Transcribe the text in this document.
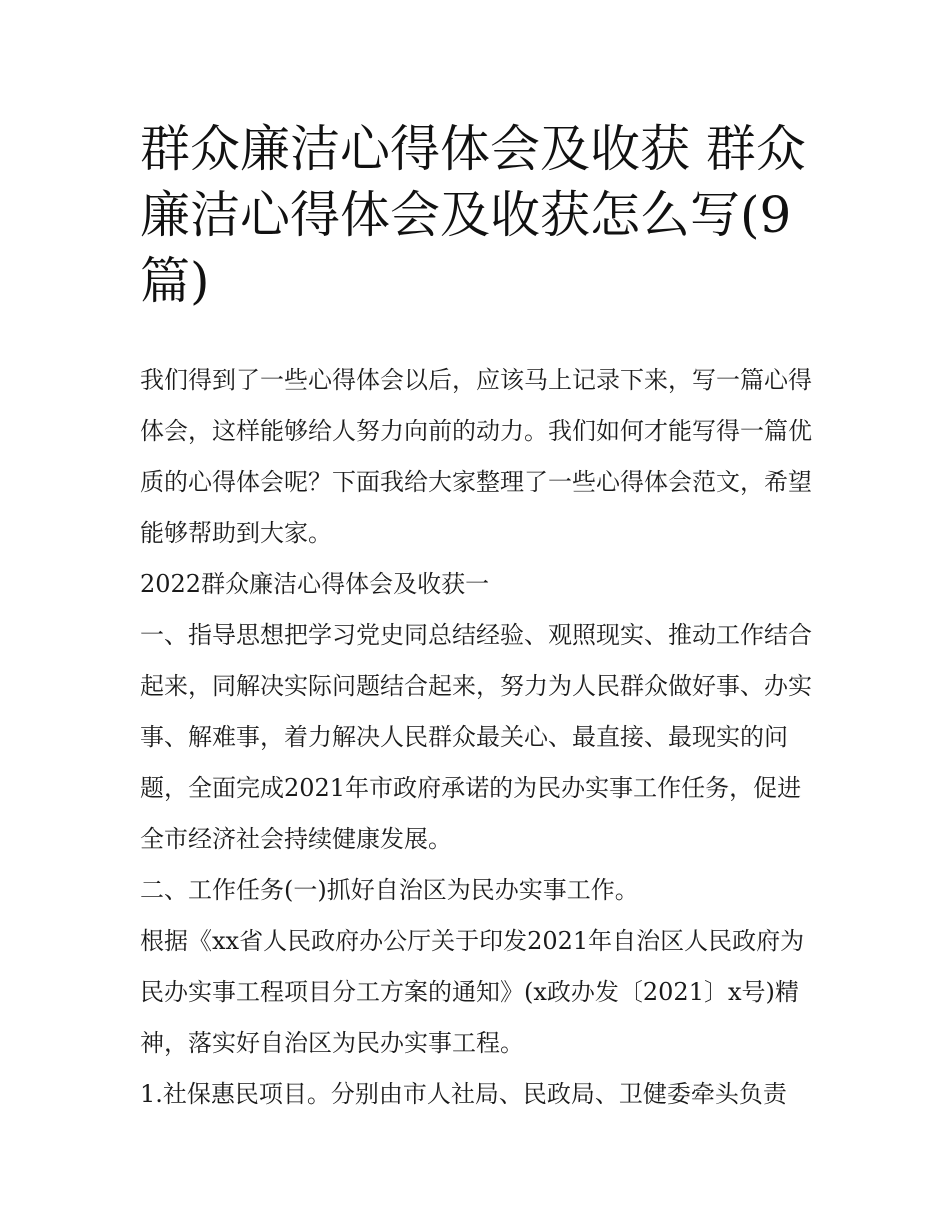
群众廉洁心得体会及收获 群众廉洁心得体会及收获怎么写(9篇)

我们得到了一些心得体会以后，应该马上记录下来，写一篇心得体会，这样能够给人努力向前的动力。我们如何才能写得一篇优质的心得体会呢？下面我给大家整理了一些心得体会范文，希望能够帮助到大家。

2022群众廉洁心得体会及收获一

一、指导思想把学习党史同总结经验、观照现实、推动工作结合起来，同解决实际问题结合起来，努力为人民群众做好事、办实事、解难事，着力解决人民群众最关心、最直接、最现实的问题，全面完成2021年市政府承诺的为民办实事工作任务，促进全市经济社会持续健康发展。

二、工作任务(一)抓好自治区为民办实事工作。

根据《xx省人民政府办公厅关于印发2021年自治区人民政府为民办实事工程项目分工方案的通知》(x政办发〔2021〕x号)精神，落实好自治区为民办实事工程。

1.社保惠民项目。分别由市人社局、民政局、卫健委牵头负责
